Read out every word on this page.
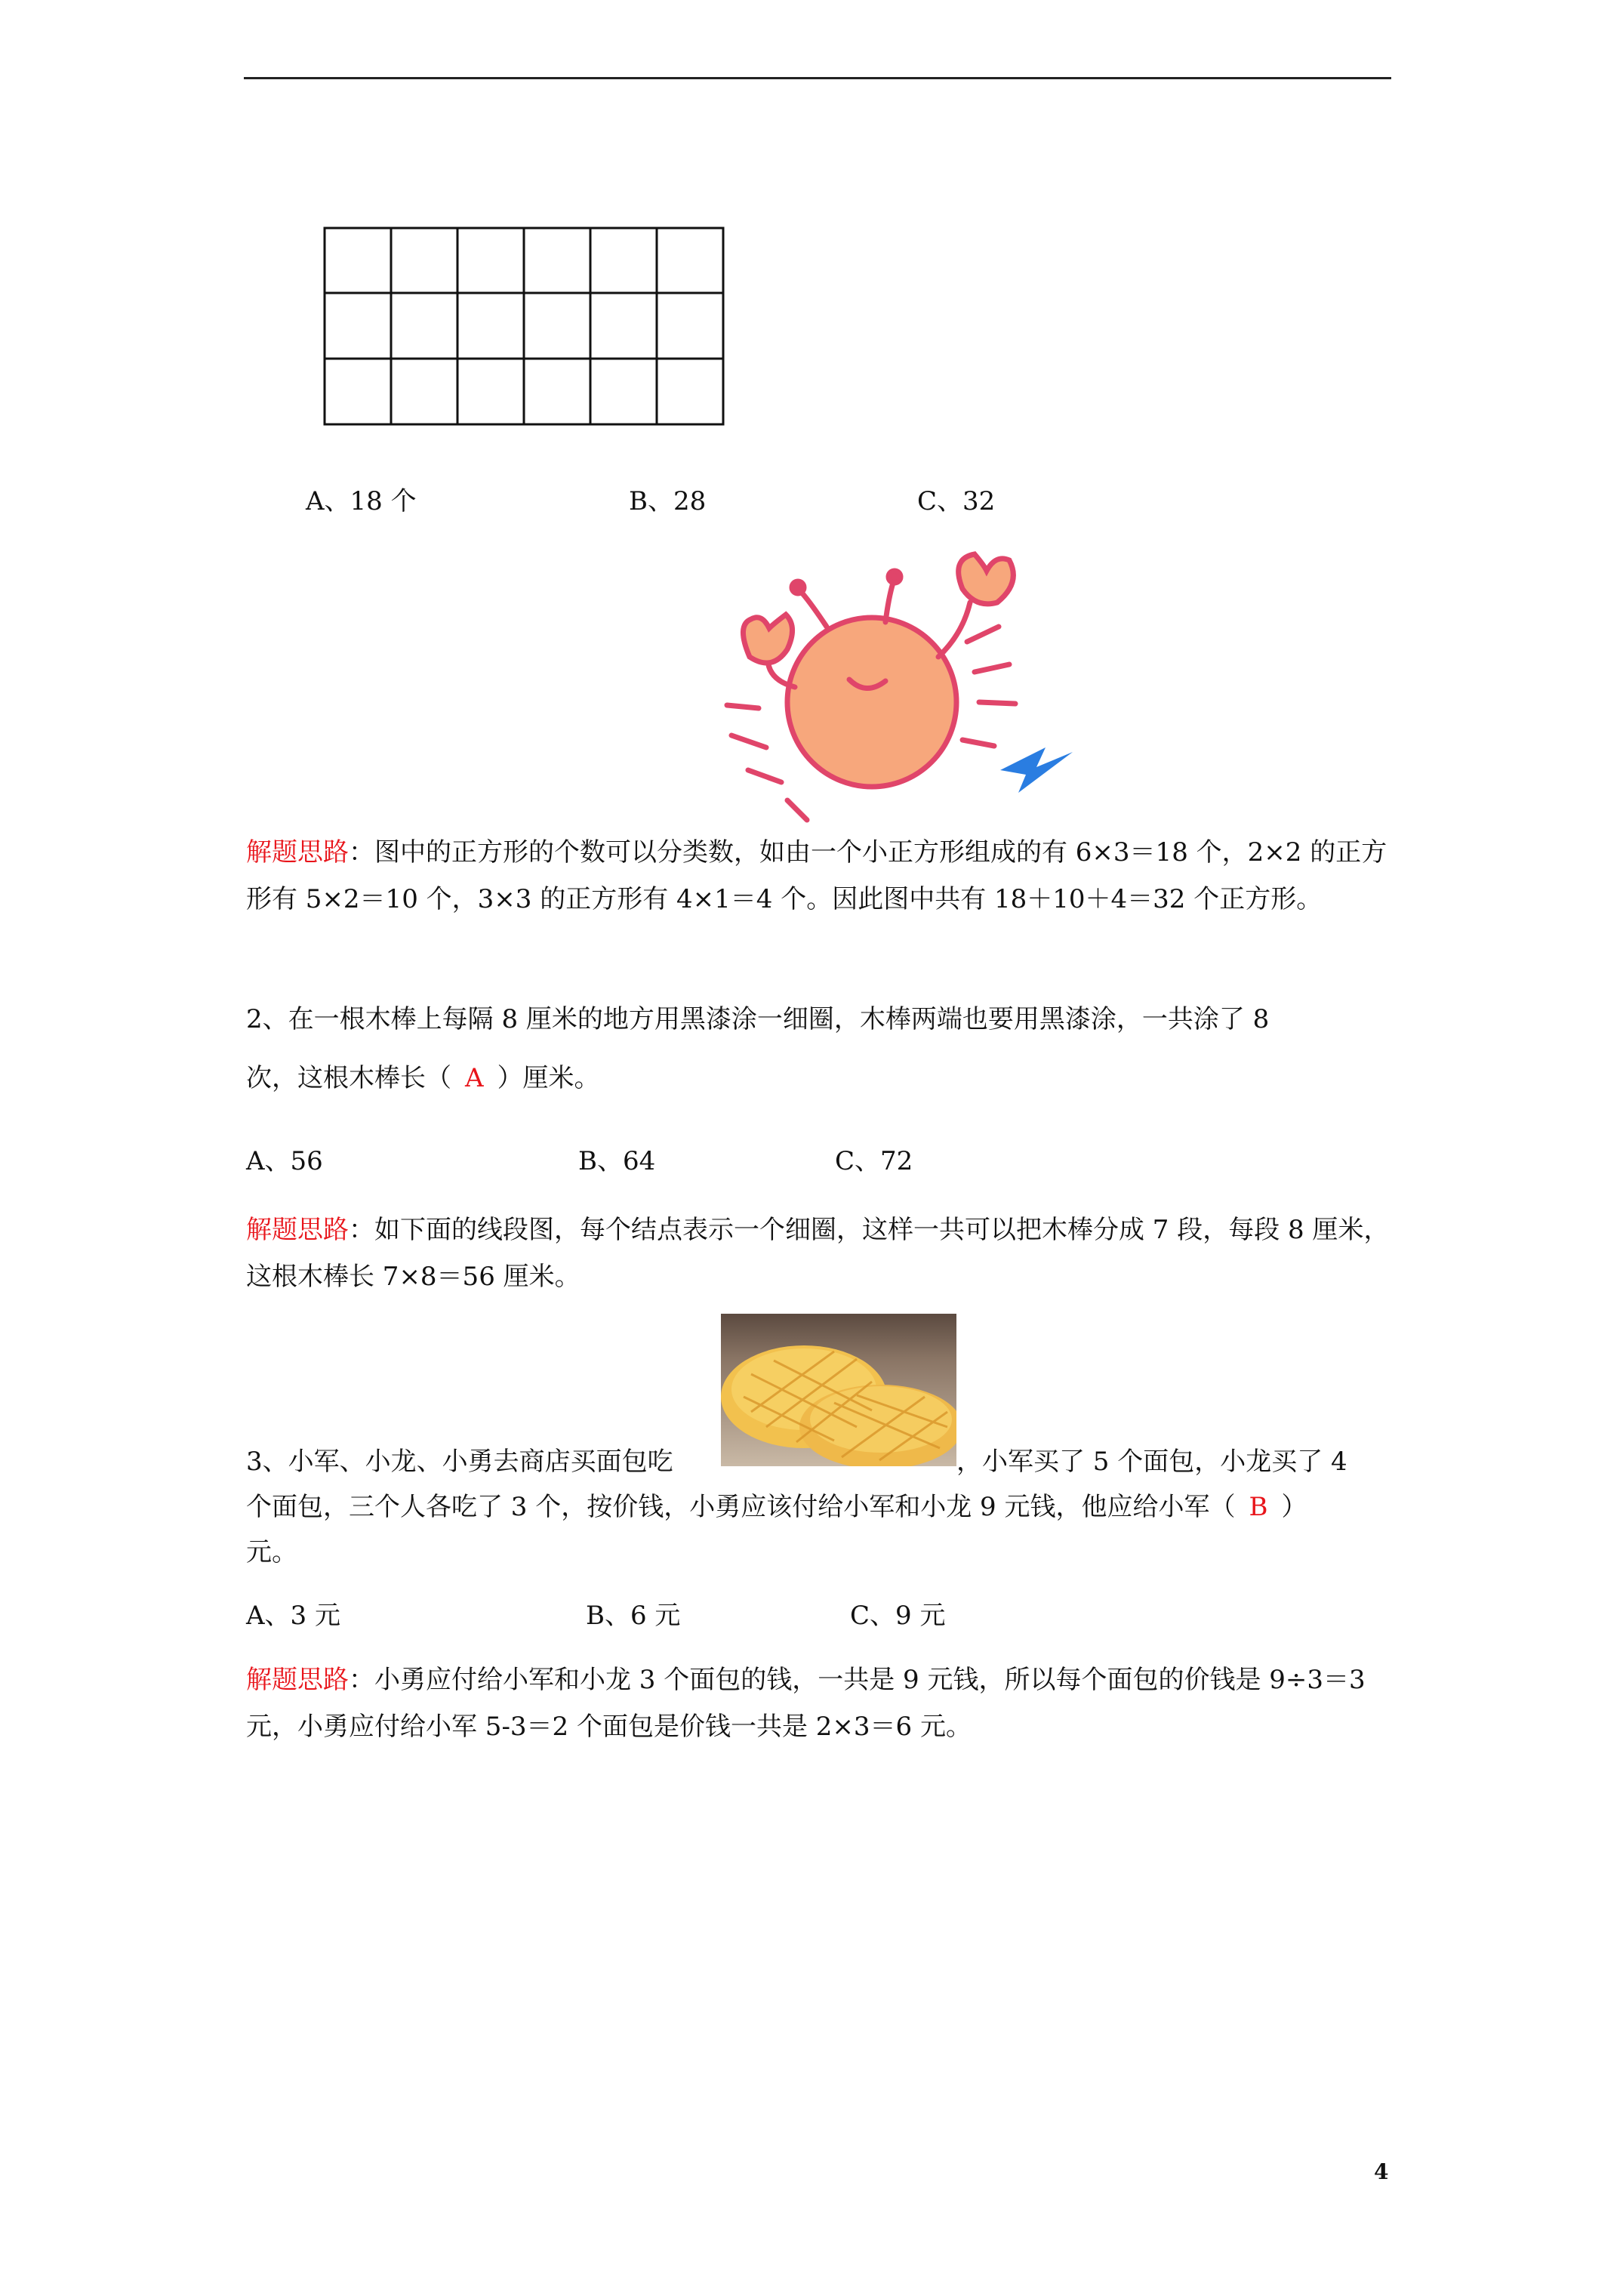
A、18 个	B、28	C、32
解题思路：图中的正方形的个数可以分类数，如由一个小正方形组成的有 6×3＝18 个，2×2 的正方形有 5×2＝10 个，3×3 的正方形有 4×1＝4 个。因此图中共有 18＋10＋4＝32 个正方形。
2、在一根木棒上每隔 8 厘米的地方用黑漆涂一细圈，木棒两端也要用黑漆涂，一共涂了 8
次，这根木棒长（ A ）厘米。
A、56	B、64	C、72
解题思路：如下面的线段图，每个结点表示一个细圈，这样一共可以把木棒分成 7 段，每段 8 厘米，这根木棒长 7×8＝56 厘米。
3、小军、小龙、小勇去商店买面包吃	，小军买了 5 个面包，小龙买了 4
个面包，三个人各吃了 3 个，按价钱，小勇应该付给小军和小龙 9 元钱，他应给小军（ B ）
元。
A、3 元	B、6 元	C、9 元
解题思路：小勇应付给小军和小龙 3 个面包的钱，一共是 9 元钱，所以每个面包的价钱是 9÷3＝3 元，小勇应付给小军 5-3＝2 个面包是价钱一共是 2×3＝6 元。
4
